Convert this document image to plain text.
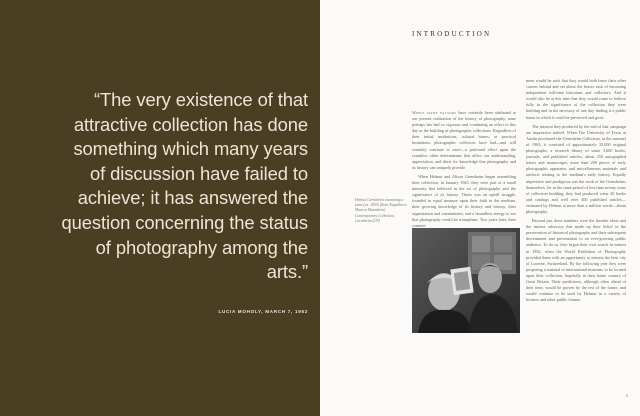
“The very existence of that attractive collection has done something which many years of discussion have failed to achieve; it has answered the question concerning the status of photography among the arts.”

LUCIA MOHOLY, MARCH 7, 1952

INTRODUCTION

While many factors have certainly been attributed to our present realization of the history of photography, none perhaps has had so vigorous and continuing an effect to this day as the building of photographic collections. Regardless of their initial institutions, cultural biases, or practical limitations, photographic collectors have had—and will certainly continue to exert—a profound effect upon the countless other determinants that affect our understanding, appreciation, and thirst for knowledge that photography and its history can uniquely provide.

When Helmut and Alison Gernsheim began assembling their collection, in January 1945, they were part of a small minority that believed in the art of photography and the significance of its history. Theirs was an uphill struggle, founded in equal measure upon their faith in the medium, their growing knowledge of its history and history, their organization and commitment, and a boundless energy to see that photography would be triumphant. Two years later, their commit-

Helmut Gernsheim examining a print (ca. 1955) (Roto-Engelhorn-Museen Mannheim) Contemporary Collection, Gernsheim (CF)

ment would be such that they would both leave their other careers behind and set about the heroic task of becoming independent full-time historians and collectors. And it would also be at this time that they would come to believe fully in the significance of the collection they were building and in the necessity of one day finding it a public home in which it could be preserved and grow.

The mission they produced by the end of that campaign are impressive indeed. When The University of Texas at Austin purchased the Gernsheim Collection, in the summer of 1963, it consisted of approximately 35,000 original photographs, a research library of some 3,600 books, journals, and published articles, about 250 autographed letters and manuscripts, more than 200 pieces of early photographic apparatus, and miscellaneous materials and artifacts relating to the medium's early history. Equally impressive and prodigious was the work of the Gernsheims themselves, for in the same period of less than twenty years of collection building, they had produced some 30 books and catalogs and well over 400 published articles—estimated by Helmut at more than a million words—about photography.

Beyond just these numbers were the broader ideas and the intense advocacy that made up their belief in the preservation of historical photographs and their subsequent discernment and presentation to an ever-growing public audience. To do so, they began their own search in earnest in 1952, when the World Exhibition of Photography provided them with an opportunity to interest the host city of Lucerne, Switzerland. By the following year they were proposing a national or international museum, to be located upon their collection, hopefully in their home country of Great Britain. Their predictions, although often ahead of their time, would be proven by the test of the future, and would continue to be used by Helmut in a variety of lectures and other public forums.

1
